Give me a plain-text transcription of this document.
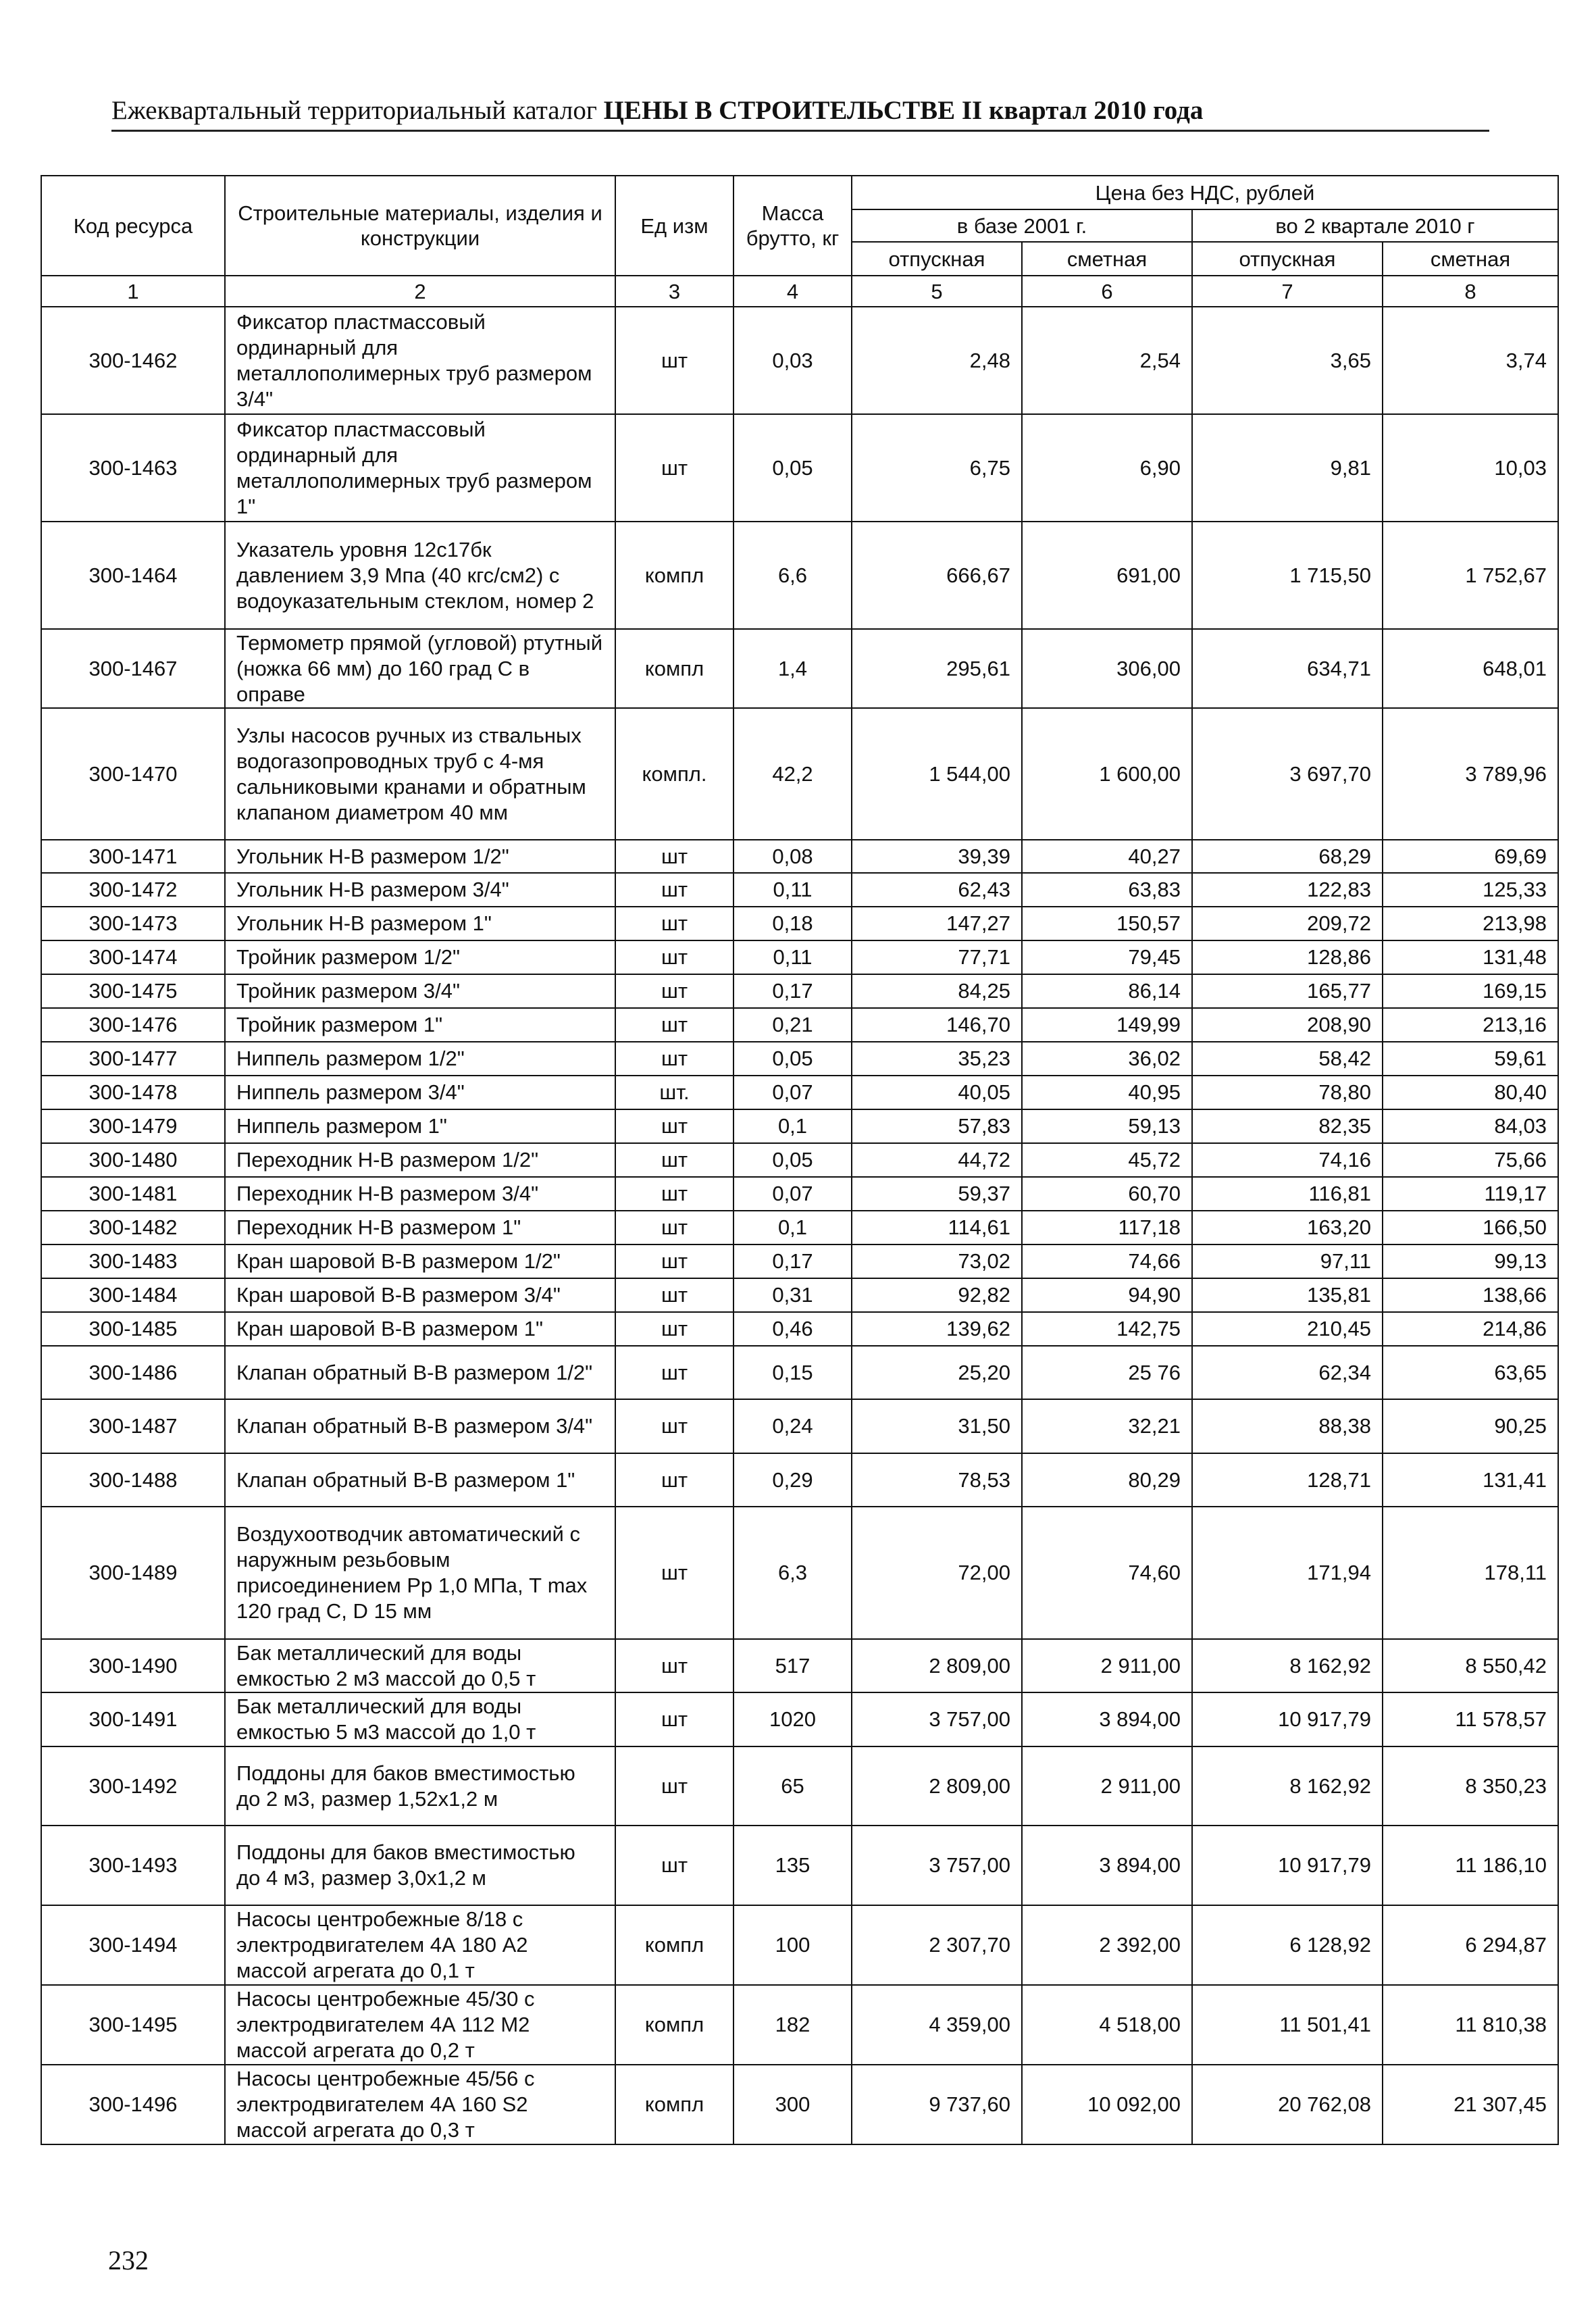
Ежеквартальный территориальный каталог ЦЕНЫ В СТРОИТЕЛЬСТВЕ II квартал 2010 года
Код ресурса	Строительные материалы, изделия и конструкции	Ед изм	Масса брутто, кг	Цена без НДС, рублей			
				в базе 2001 г.		во 2 квартале 2010 г	
				отпускная	сметная	отпускная	сметная
1	2	3	4	5	6	7	8
300-1462	Фиксатор пластмассовый ординарный для металлополимерных труб размером 3/4"	шт	0,03	2,48	2,54	3,65	3,74
300-1463	Фиксатор пластмассовый ординарный для металлополимерных труб размером 1"	шт	0,05	6,75	6,90	9,81	10,03
300-1464	Указатель уровня 12с17бк давлением 3,9 Мпа (40 кгс/см2) с водоуказательным стеклом, номер 2	компл	6,6	666,67	691,00	1 715,50	1 752,67
300-1467	Термометр прямой (угловой) ртутный (ножка 66 мм) до 160 град С в оправе	компл	1,4	295,61	306,00	634,71	648,01
300-1470	Узлы насосов ручных из ствальных водогазопроводных труб с 4-мя сальниковыми кранами и обратным клапаном диаметром 40 мм	компл.	42,2	1 544,00	1 600,00	3 697,70	3 789,96
300-1471	Угольник Н-В размером 1/2"	шт	0,08	39,39	40,27	68,29	69,69
300-1472	Угольник Н-В размером 3/4"	шт	0,11	62,43	63,83	122,83	125,33
300-1473	Угольник Н-В размером 1"	шт	0,18	147,27	150,57	209,72	213,98
300-1474	Тройник размером 1/2"	шт	0,11	77,71	79,45	128,86	131,48
300-1475	Тройник размером 3/4"	шт	0,17	84,25	86,14	165,77	169,15
300-1476	Тройник размером 1"	шт	0,21	146,70	149,99	208,90	213,16
300-1477	Ниппель размером 1/2"	шт	0,05	35,23	36,02	58,42	59,61
300-1478	Ниппель размером 3/4"	шт.	0,07	40,05	40,95	78,80	80,40
300-1479	Ниппель размером 1"	шт	0,1	57,83	59,13	82,35	84,03
300-1480	Переходник Н-В размером 1/2"	шт	0,05	44,72	45,72	74,16	75,66
300-1481	Переходник Н-В размером 3/4"	шт	0,07	59,37	60,70	116,81	119,17
300-1482	Переходник Н-В размером 1"	шт	0,1	114,61	117,18	163,20	166,50
300-1483	Кран шаровой В-В размером 1/2"	шт	0,17	73,02	74,66	97,11	99,13
300-1484	Кран шаровой В-В размером 3/4"	шт	0,31	92,82	94,90	135,81	138,66
300-1485	Кран шаровой В-В размером 1"	шт	0,46	139,62	142,75	210,45	214,86
300-1486	Клапан обратный В-В размером 1/2"	шт	0,15	25,20	25 76	62,34	63,65
300-1487	Клапан обратный В-В размером 3/4"	шт	0,24	31,50	32,21	88,38	90,25
300-1488	Клапан обратный В-В размером 1"	шт	0,29	78,53	80,29	128,71	131,41
300-1489	Воздухоотводчик автоматический с наружным резьбовым присоединением Рр 1,0 МПа, Т max 120 град С, D 15 мм	шт	6,3	72,00	74,60	171,94	178,11
300-1490	Бак металлический для воды емкостью 2 м3 массой до 0,5 т	шт	517	2 809,00	2 911,00	8 162,92	8 550,42
300-1491	Бак металлический для воды емкостью 5 м3 массой до 1,0 т	шт	1020	3 757,00	3 894,00	10 917,79	11 578,57
300-1492	Поддоны для баков вместимостью до 2 м3, размер 1,52х1,2 м	шт	65	2 809,00	2 911,00	8 162,92	8 350,23
300-1493	Поддоны для баков вместимостью до 4 м3, размер 3,0х1,2 м	шт	135	3 757,00	3 894,00	10 917,79	11 186,10
300-1494	Насосы центробежные 8/18 с электродвигателем 4А 180 А2 массой агрегата до 0,1 т	компл	100	2 307,70	2 392,00	6 128,92	6 294,87
300-1495	Насосы центробежные 45/30 с электродвигателем 4А 112 М2 массой агрегата до 0,2 т	компл	182	4 359,00	4 518,00	11 501,41	11 810,38
300-1496	Насосы центробежные 45/56 с электродвигателем 4А 160 S2 массой агрегата до 0,3 т	компл	300	9 737,60	10 092,00	20 762,08	21 307,45
232
